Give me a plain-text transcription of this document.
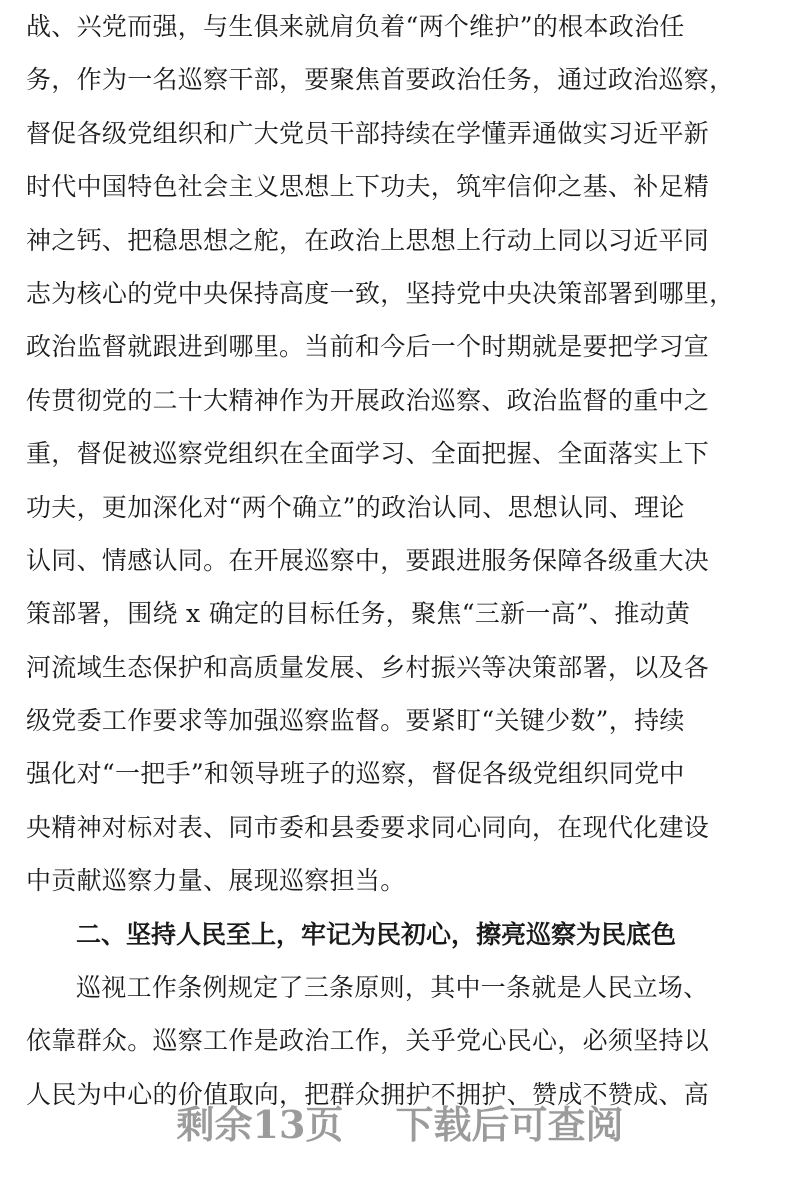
​
战、兴党而强，与生俱来就肩负着“两个维护”的根本政治任
务，作为一名巡察干部，要聚焦首要政治任务，通过政治巡察，
督促各级党组织和广大党员干部持续在学懂弄通做实习近平新
时代中国特色社会主义思想上下功夫，筑牢信仰之基、补足精
神之钙、把稳思想之舵，在政治上思想上行动上同以习近平同
志为核心的党中央保持高度一致，坚持党中央决策部署到哪里，
政治监督就跟进到哪里。当前和今后一个时期就是要把学习宣
传贯彻党的二十大精神作为开展政治巡察、政治监督的重中之
重，督促被巡察党组织在全面学习、全面把握、全面落实上下
功夫，更加深化对“两个确立”的政治认同、思想认同、理论
认同、情感认同。在开展巡察中，要跟进服务保障各级重大决
策部署，围绕 x 确定的目标任务，聚焦“三新一高”、推动黄
河流域生态保护和高质量发展、乡村振兴等决策部署，以及各
级党委工作要求等加强巡察监督。要紧盯“关键少数”，持续
强化对“一把手”和领导班子的巡察，督促各级党组织同党中
央精神对标对表、同市委和县委要求同心同向，在现代化建设
中贡献巡察力量、展现巡察担当。
二、坚持人民至上，牢记为民初心，擦亮巡察为民底色
巡视工作条例规定了三条原则，其中一条就是人民立场、
依靠群众。巡察工作是政治工作，关乎党心民心，必须坚持以
人民为中心的价值取向，把群众拥护不拥护、赞成不赞成、高
剩余13页 下载后可查阅
